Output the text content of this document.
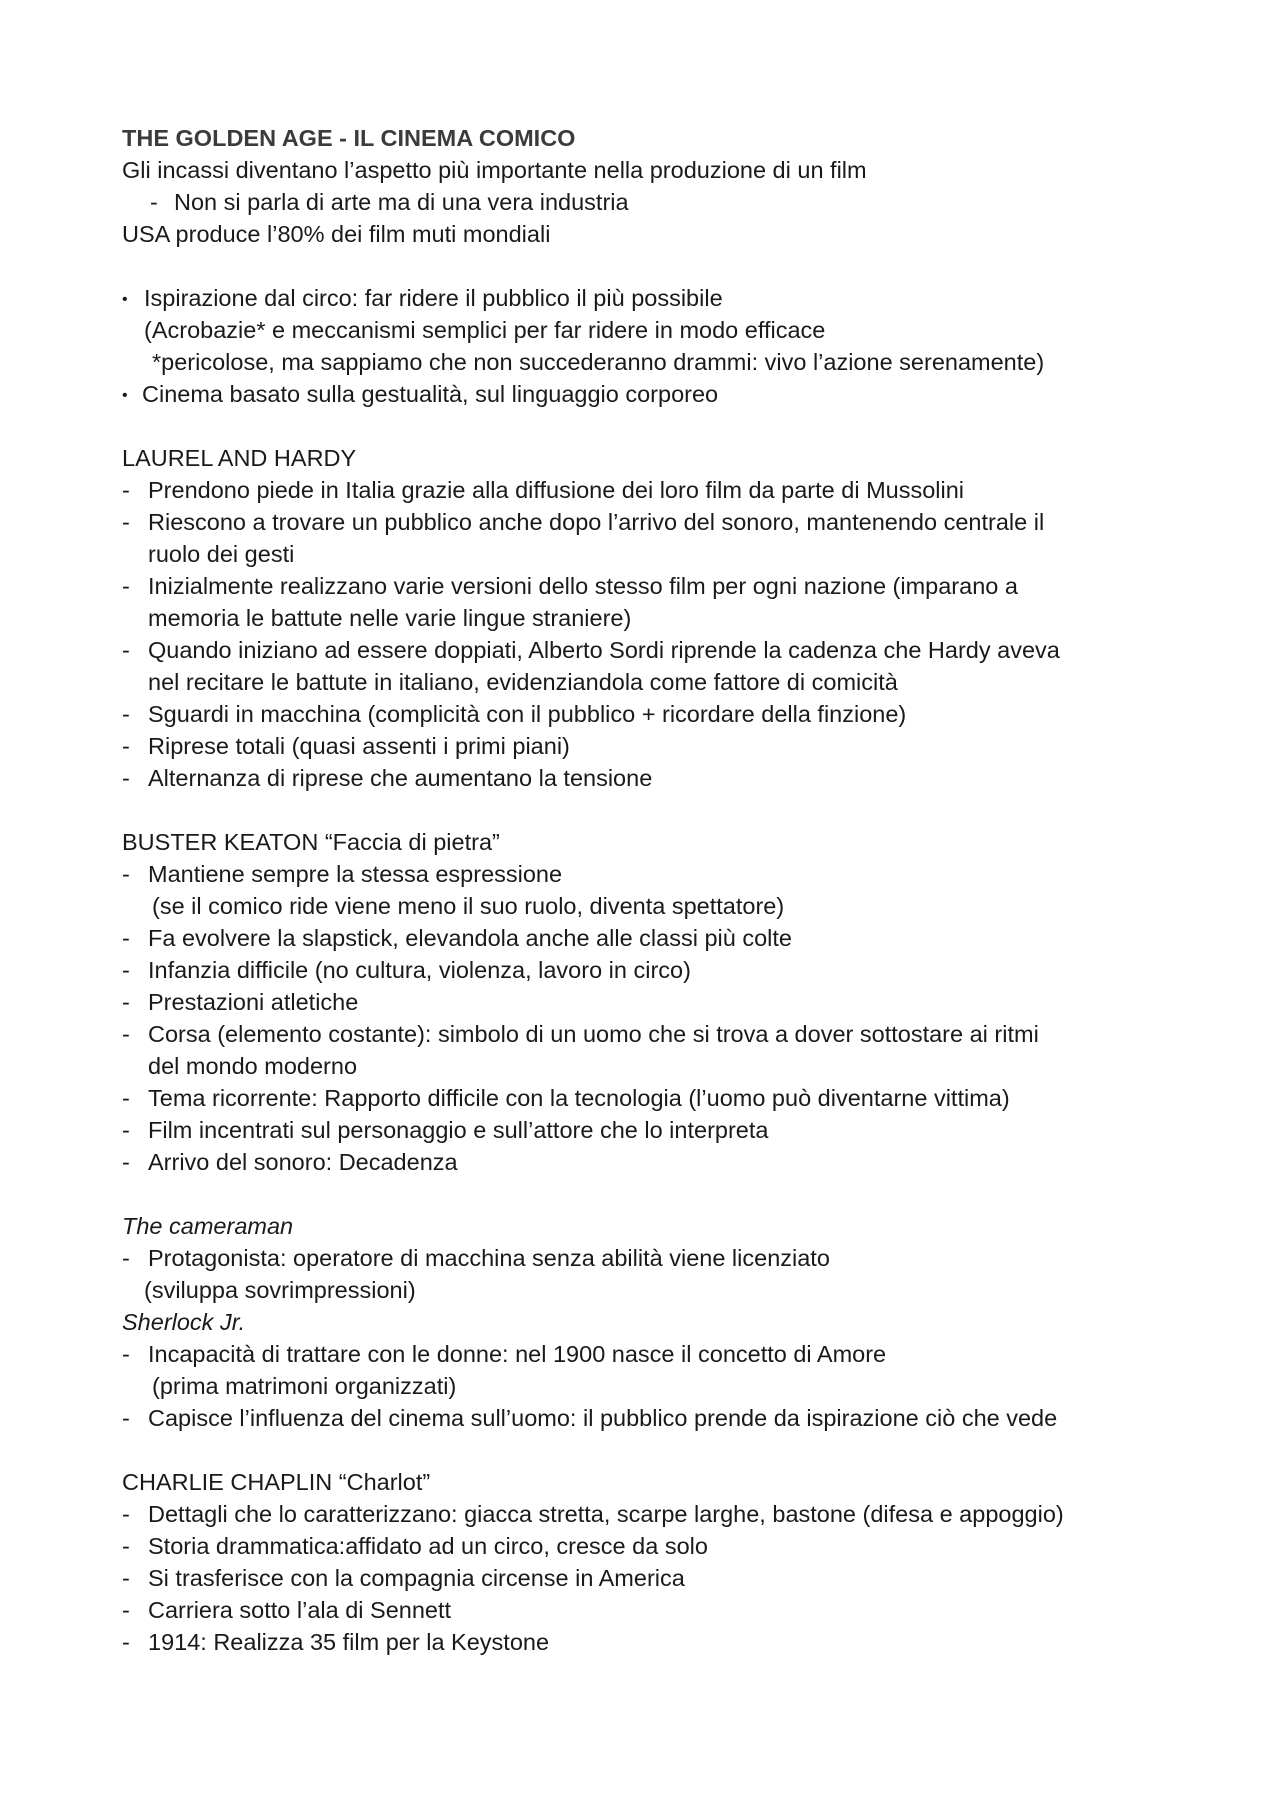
THE GOLDEN AGE - IL CINEMA COMICO
Gli incassi diventano l’aspetto più importante nella produzione di un film
- Non si parla di arte ma di una vera industria
USA produce l’80% dei film muti mondiali
• Ispirazione dal circo: far ridere il pubblico il più possibile
(Acrobazie* e meccanismi semplici per far ridere in modo efficace
*pericolose, ma sappiamo che non succederanno drammi: vivo l’azione serenamente)
• Cinema basato sulla gestualità, sul linguaggio corporeo
LAUREL AND HARDY
- Prendono piede in Italia grazie alla diffusione dei loro film da parte di Mussolini
- Riescono a trovare un pubblico anche dopo l’arrivo del sonoro, mantenendo centrale il
ruolo dei gesti
- Inizialmente realizzano varie versioni dello stesso film per ogni nazione (imparano a
memoria le battute nelle varie lingue straniere)
- Quando iniziano ad essere doppiati, Alberto Sordi riprende la cadenza che Hardy aveva
nel recitare le battute in italiano, evidenziandola come fattore di comicità
- Sguardi in macchina (complicità con il pubblico + ricordare della finzione)
- Riprese totali (quasi assenti i primi piani)
- Alternanza di riprese che aumentano la tensione
BUSTER KEATON “Faccia di pietra”
- Mantiene sempre la stessa espressione
(se il comico ride viene meno il suo ruolo, diventa spettatore)
- Fa evolvere la slapstick, elevandola anche alle classi più colte
- Infanzia difficile (no cultura, violenza, lavoro in circo)
- Prestazioni atletiche
- Corsa (elemento costante): simbolo di un uomo che si trova a dover sottostare ai ritmi
del mondo moderno
- Tema ricorrente: Rapporto difficile con la tecnologia (l’uomo può diventarne vittima)
- Film incentrati sul personaggio e sull’attore che lo interpreta
- Arrivo del sonoro: Decadenza
The cameraman
- Protagonista: operatore di macchina senza abilità viene licenziato
(sviluppa sovrimpressioni)
Sherlock Jr.
- Incapacità di trattare con le donne: nel 1900 nasce il concetto di Amore
(prima matrimoni organizzati)
- Capisce l’influenza del cinema sull’uomo: il pubblico prende da ispirazione ciò che vede
CHARLIE CHAPLIN “Charlot”
- Dettagli che lo caratterizzano: giacca stretta, scarpe larghe, bastone (difesa e appoggio)
- Storia drammatica:affidato ad un circo, cresce da solo
- Si trasferisce con la compagnia circense in America
- Carriera sotto l’ala di Sennett
- 1914: Realizza 35 film per la Keystone
